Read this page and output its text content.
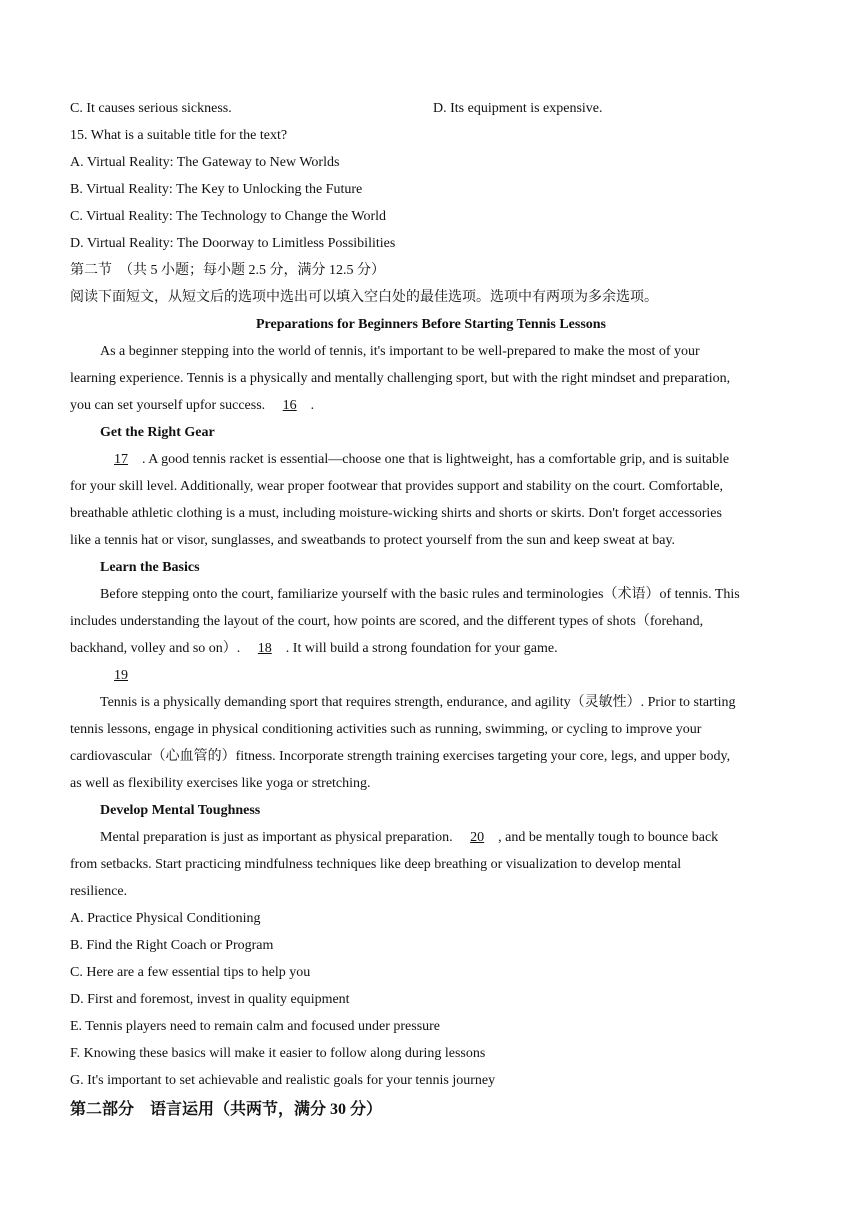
C. It causes serious sickness.	D. Its equipment is expensive.
15. What is a suitable title for the text?
A. Virtual Reality: The Gateway to New Worlds
B. Virtual Reality: The Key to Unlocking the Future
C. Virtual Reality: The Technology to Change the World
D. Virtual Reality: The Doorway to Limitless Possibilities
第二节　（共 5 小题；每小题 2.5 分，满分 12.5 分）
阅读下面短文，从短文后的选项中选出可以填入空白处的最佳选项。选项中有两项为多余选项。
Preparations for Beginners Before Starting Tennis Lessons
As a beginner stepping into the world of tennis, it's important to be well-prepared to make the most of your
learning experience. Tennis is a physically and mentally challenging sport, but with the right mindset and preparation,
you can set yourself upfor success. 16 .
Get the Right Gear
17 . A good tennis racket is essential—choose one that is lightweight, has a comfortable grip, and is suitable
for your skill level. Additionally, wear proper footwear that provides support and stability on the court. Comfortable,
breathable athletic clothing is a must, including moisture-wicking shirts and shorts or skirts. Don't forget accessories
like a tennis hat or visor, sunglasses, and sweatbands to protect yourself from the sun and keep sweat at bay.
Learn the Basics
Before stepping onto the court, familiarize yourself with the basic rules and terminologies（术语）of tennis. This
includes understanding the layout of the court, how points are scored, and the different types of shots（forehand,
backhand, volley and so on）. 18 . It will build a strong foundation for your game.
19
Tennis is a physically demanding sport that requires strength, endurance, and agility（灵敏性）. Prior to starting
tennis lessons, engage in physical conditioning activities such as running, swimming, or cycling to improve your
cardiovascular（心血管的）fitness. Incorporate strength training exercises targeting your core, legs, and upper body,
as well as flexibility exercises like yoga or stretching.
Develop Mental Toughness
Mental preparation is just as important as physical preparation. 20 , and be mentally tough to bounce back
from setbacks. Start practicing mindfulness techniques like deep breathing or visualization to develop mental
resilience.
A. Practice Physical Conditioning
B. Find the Right Coach or Program
C. Here are a few essential tips to help you
D. First and foremost, invest in quality equipment
E. Tennis players need to remain calm and focused under pressure
F. Knowing these basics will make it easier to follow along during lessons
G. It's important to set achievable and realistic goals for your tennis journey
第二部分　语言运用（共两节，满分 30 分）
